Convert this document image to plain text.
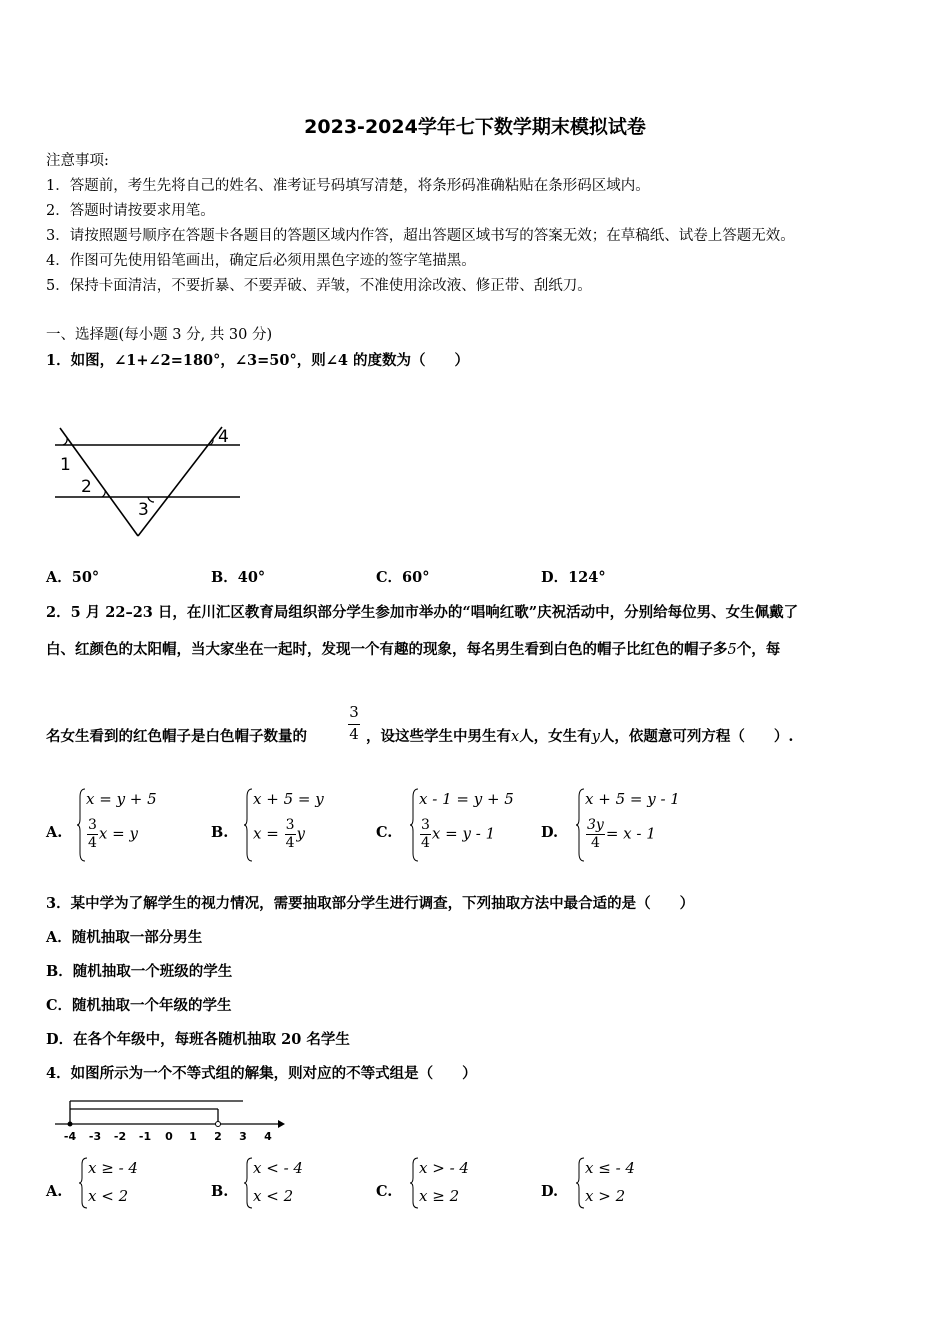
2023-2024学年七下数学期末模拟试卷
注意事项:
1．答题前，考生先将自己的姓名、准考证号码填写清楚，将条形码准确粘贴在条形码区域内。
2．答题时请按要求用笔。
3．请按照题号顺序在答题卡各题目的答题区域内作答，超出答题区域书写的答案无效；在草稿纸、试卷上答题无效。
4．作图可先使用铅笔画出，确定后必须用黑色字迹的签字笔描黑。
5．保持卡面清洁，不要折暴、不要弄破、弄皱，不准使用涂改液、修正带、刮纸刀。
一、选择题(每小题 3 分, 共 30 分)
1．如图，∠1+∠2=180°，∠3=50°，则∠4 的度数为（　　）
1
2
3
4
A．50°	B．40°	C．60°	D．124°
2．5 月 22–23 日，在川汇区教育局组织部分学生参加市举办的“唱响红歌”庆祝活动中，分别给每位男、女生佩戴了
白、红颜色的太阳帽，当大家坐在一起时，发现一个有趣的现象，每名男生看到白色的帽子比红色的帽子多5个，每
名女生看到的红色帽子是白色帽子数量的
3
4 ，设这些学生中男生有x人，女生有y人，依题意可列方程（　　）.
A.
x = y + 5
$\frac{3}{4}$ x = y	B.
x + 5 = y
$x = \frac{3}{4}$ y	C.
x - 1 = y + 5
$\frac{3}{4}$ x = y - 1	D.
x + 5 = y - 1
$\frac{3y}{4} = x - 1$
3．某中学为了解学生的视力情况，需要抽取部分学生进行调查，下列抽取方法中最合适的是（　　）
A．随机抽取一部分男生
B．随机抽取一个班级的学生
C．随机抽取一个年级的学生
D．在各个年级中，每班各随机抽取 20 名学生
4．如图所示为一个不等式组的解集，则对应的不等式组是（　　）
-4 -3 -2 -1 0 1 2 3 4
A.
x ≥ - 4
x < 2	B.
x < - 4
x < 2	C.
x > - 4
x ≥ 2	D.
x ≤ - 4
x > 2
